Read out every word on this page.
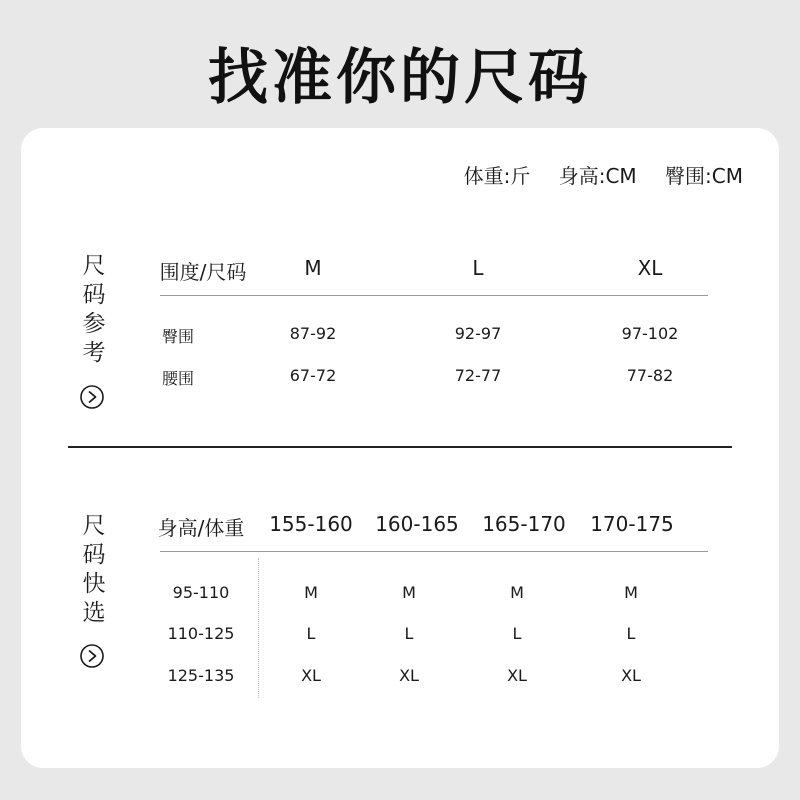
找准你的尺码
体重:斤 身高:CM 臀围:CM
尺
码
参
考
围度/尺码	M	L	XL
臀围	87-92	92-97	97-102
腰围	67-72	72-77	77-82
尺
码
快
选
身高/体重 155-160 160-165 165-170 170-175
95-110	M	M	M	M
110-125	L	L	L	L
125-135	XL	XL	XL	XL
